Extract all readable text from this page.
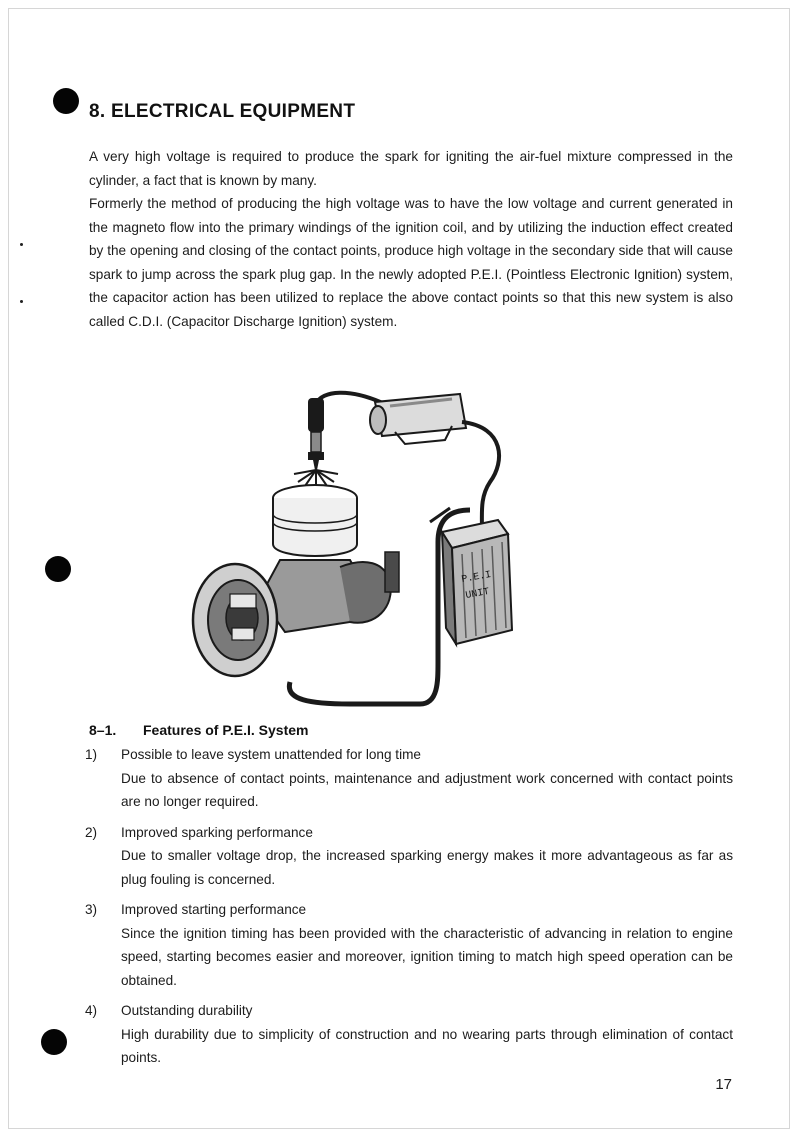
8. ELECTRICAL EQUIPMENT

A very high voltage is required to produce the spark for igniting the air-fuel mixture compressed in the cylinder, a fact that is known by many.

Formerly the method of producing the high voltage was to have the low voltage and current generated in the magneto flow into the primary windings of the ignition coil, and by utilizing the induction effect created by the opening and closing of the contact points, produce high voltage in the secondary side that will cause spark to jump across the spark plug gap. In the newly adopted P.E.I. (Pointless Electronic Ignition) system, the capacitor action has been utilized to replace the above contact points so that this new system is also called C.D.I. (Capacitor Discharge Ignition) system.

P.E.I
UNIT
8–1. Features of P.E.I. System
1) Possible to leave system unattended for long time
Due to absence of contact points, maintenance and adjustment work concerned with contact points are no longer required.
2) Improved sparking performance
Due to smaller voltage drop, the increased sparking energy makes it more advantageous as far as plug fouling is concerned.
3) Improved starting performance
Since the ignition timing has been provided with the characteristic of advancing in relation to engine speed, starting becomes easier and moreover, ignition timing to match high speed operation can be obtained.
4) Outstanding durability
High durability due to simplicity of construction and no wearing parts through elimination of contact points.
17
